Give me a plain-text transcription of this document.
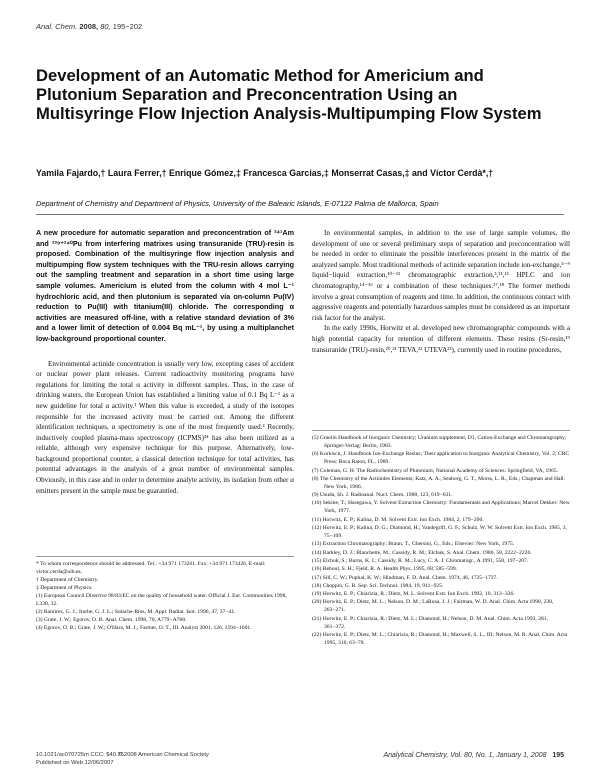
Anal. Chem. 2008, 80, 195−202
Development of an Automatic Method for Americium and Plutonium Separation and Preconcentration Using an Multisyringe Flow Injection Analysis-Multipumping Flow System

Yamila Fajardo,† Laura Ferrer,† Enrique Gómez,‡ Francesca Garcias,‡ Monserrat Casas,‡ and Víctor Cerdà*,†

Department of Chemistry and Department of Physics, University of the Balearic Islands, E-07122 Palma de Mallorca, Spain

A new procedure for automatic separation and preconcentration of ²⁴¹Am and ²³⁹⁺²⁴⁰Pu from interfering matrixes using transuranide (TRU)-resin is proposed. Combination of the multisyringe flow injection analysis and multipumping flow system techniques with the TRU-resin allows carrying out the sampling treatment and separation in a short time using large sample volumes. Americium is eluted from the column with 4 mol L⁻¹ hydrochloric acid, and then plutonium is separated via on-column Pu(IV) reduction to Pu(III) with titanium(III) chloride. The corresponding α activities are measured off-line, with a relative standard deviation of 3% and a lower limit of detection of 0.004 Bq mL⁻¹, by using a multiplanchet low-background proportional counter.

Environmental actinide concentration is usually very low, excepting cases of accident or nuclear power plant releases. Current radioactivity monitoring programs have regulations for limiting the total α activity in different samples. Thus, in the case of drinking waters, the European Union has established a limiting value of 0.1 Bq L⁻¹ as a new guideline for total α activity.¹ When this value is exceeded, a study of the isotopes responsible for the increased activity must be carried out. Among the different identification techniques, α spectrometry is one of the most frequently used.² Recently, inductively coupled plasma-mass spectroscopy (ICPMS)³⁴ has also been utilized as a reliable, although very expensive technique for this purpose. Alternatively, low-background proportional counter, a classical detection technique for total activities, has potential advantages in the analysis of a great number of environmental samples. Obviously, in this case and in order to determine analyte activity, its isolation from other α emitters present in the sample must be guarantied.

In environmental samples, in addition to the use of large sample volumes, the development of one or several preliminary steps of separation and preconcentration will be needed in order to eliminate the possible interferences present in the matrix of the analyzed sample. Most traditional methods of actinide separation include ion-exchange,⁵⁻⁹ liquid−liquid extraction,¹⁰⁻¹² chromatographic extraction,³,¹¹,¹³ HPLC and ion chromatography,¹⁴⁻¹⁶ or a combination of these techniques.¹⁷,¹⁸ The former methods involve a great consumption of reagents and time. In addition, the continuous contact with aggressive reagents and potentially hazardous samples must be considered as an important risk factor for the analyst.

In the early 1990s, Horwitz et al. developed new chromatographic compounds with a high potential capacity for retention of different elements. These resins (Sr-resin,¹⁹ transuranide (TRU)-resin,²⁰,²¹ TEVA,²² UTEVA²³), currently used in routine procedures,

* To whom correspondence should be addressed. Tel.: +34 971 173261. Fax: +34 971 173426. E-mail: victor.cerda@uib.es.

† Department of Chemistry.

‡ Department of Physics.

(1) European Council Directive 98/83/EC on the quality of household water. Official J. Eur. Communities 1998, L330, 32.

(2) Ramírez, G. J.; Iturbe, G. J. L.; Solache-Ríos, M. Appl. Radiat. Isot. 1996, 47, 37−41.

(3) Grate, J. W.; Egorov, O. B. Anal. Chem. 1998, 70, A779−A788.

(4) Egorov, O. B.; Grate, J. W.; O'Hara, M. J.; Farmer, O. T., III. Analyst 2001, 126, 1594−1601.

(5) Gmelin Handbook of Inorganic Chemistry; Uranium supplement, D1, Cation-Exchange and Chromatography; Springer-Verlag: Berlin, 1983.

(6) Korkisch, J. Handbook Ion-Exchange Resins; Their application to Inorganic Analytical Chemistry, Vol. 2; CRC Press: Boca Raton, FL, 1989.

(7) Coleman, G. H. The Radiochemistry of Plutonium; National Academy of Sciences: Springfield, VA, 1965.

(8) The Chemistry of the Actinides Elements; Katz, A. A., Seaborg, G. T., Morss, L. R., Eds.; Chapman and Hall: New York, 1986.

(9) Usuda, Sh. J. Radioanal. Nucl. Chem. 1988, 123, 619−631.

(10) Sekine, T.; Hasegawa, Y. Solvent Extraction Chemistry: Fundamentals and Applications; Marcel Dekker: New York, 1977.

(11) Horwitz, E. P.; Kalina, D. M. Solvent Extr. Ion Exch. 1984, 2, 179−200.

(12) Horwitz, E. P.; Kalina, D. G.; Diamond, H.; Vandegrift, G. F.; Schulz, W. W. Solvent Extr. Ion Exch. 1985, 3, 75−109.

(13) Extraction Chromatography; Braun, T., Ghersini, G., Eds.; Elsevier: New York, 1975.

(14) Barkley, D. J.; Blanchette, M.; Cassidy, R. M.; Elchuk, S. Anal. Chem. 1986, 58, 2222−2226.

(15) Elchuk, S.; Burns, K. I.; Cassidy, R. M.; Lucy, C. A. J. Chromatogr., A 1991, 558, 197−207.

(16) Reboul, S. H.; Fjeld, R. A. Health Phys. 1995, 68, 585−599.

(17) Sill, C. W.; Puphal, K. W.; Hindman, F. D. Anal. Chem. 1974, 46, 1725−1737.

(18) Choppin, G. R. Sep. Sci. Technol. 1984, 19, 911−925.

(19) Horwitz, E. P.; Chiarizia, R.; Dietz, M. L. Solvent Extr. Ion Exch. 1992, 10, 313−336.

(20) Horwitz, E. P.; Dietz, M. L.; Nelson, D. M.; LaRosa, J. J.; Fairman, W. D. Anal. Chim. Acta 1990, 238, 263−271.

(21) Horwitz, E. P.; Chiarizia, R.; Dietz, M. L.; Diamond, H.; Nelson, D. M. Anal. Chim. Acta 1993, 281, 361−372.

(22) Horwitz, E. P.; Dietz, M. L.; Chiarizia, R.; Diamond, H.; Maxwell, S. L., III; Nelson, M. R. Anal. Chim. Acta 1995, 310, 63−78.

10.1021/ac070725m CCC: $40.75
Published on Web 12/06/2007
© 2008 American Chemical Society	Analytical Chemistry, Vol. 80, No. 1, January 1, 2008 195
